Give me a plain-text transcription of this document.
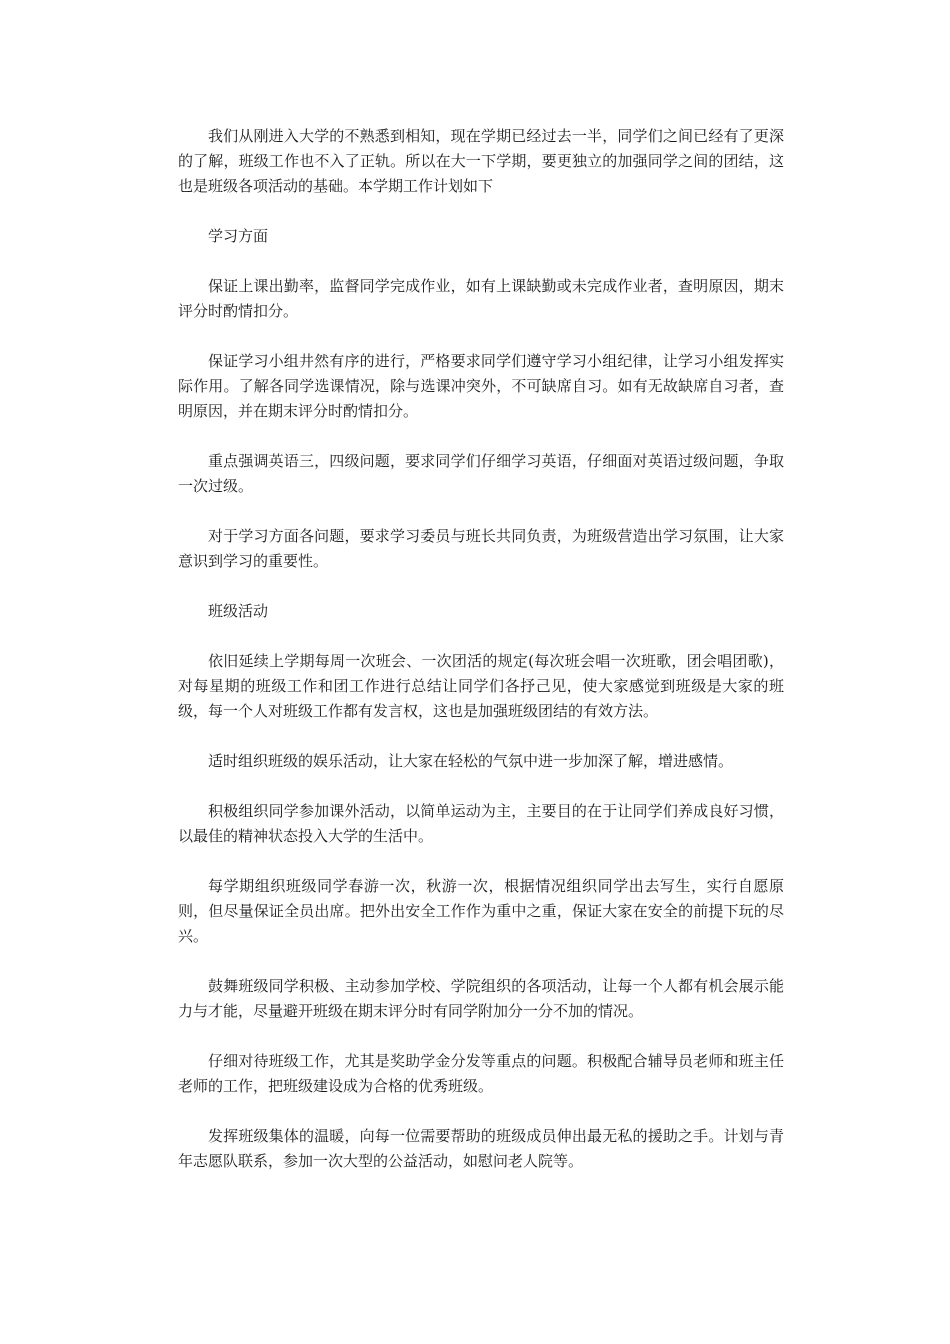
我们从刚进入大学的不熟悉到相知，现在学期已经过去一半，同学们之间已经有了更深的了解，班级工作也不入了正轨。所以在大一下学期，要更独立的加强同学之间的团结，这也是班级各项活动的基础。本学期工作计划如下

学习方面

保证上课出勤率，监督同学完成作业，如有上课缺勤或未完成作业者，查明原因，期末评分时酌情扣分。

保证学习小组井然有序的进行，严格要求同学们遵守学习小组纪律，让学习小组发挥实际作用。了解各同学选课情况，除与选课冲突外，不可缺席自习。如有无故缺席自习者，查明原因，并在期末评分时酌情扣分。

重点强调英语三，四级问题，要求同学们仔细学习英语，仔细面对英语过级问题，争取一次过级。

对于学习方面各问题，要求学习委员与班长共同负责，为班级营造出学习氛围，让大家意识到学习的重要性。

班级活动

依旧延续上学期每周一次班会、一次团活的规定(每次班会唱一次班歌，团会唱团歌)，对每星期的班级工作和团工作进行总结让同学们各抒己见，使大家感觉到班级是大家的班级，每一个人对班级工作都有发言权，这也是加强班级团结的有效方法。

适时组织班级的娱乐活动，让大家在轻松的气氛中进一步加深了解，增进感情。

积极组织同学参加课外活动，以简单运动为主，主要目的在于让同学们养成良好习惯，以最佳的精神状态投入大学的生活中。

每学期组织班级同学春游一次，秋游一次，根据情况组织同学出去写生，实行自愿原则，但尽量保证全员出席。把外出安全工作作为重中之重，保证大家在安全的前提下玩的尽兴。

鼓舞班级同学积极、主动参加学校、学院组织的各项活动，让每一个人都有机会展示能力与才能，尽量避开班级在期末评分时有同学附加分一分不加的情况。

仔细对待班级工作，尤其是奖助学金分发等重点的问题。积极配合辅导员老师和班主任老师的工作，把班级建设成为合格的优秀班级。

发挥班级集体的温暖，向每一位需要帮助的班级成员伸出最无私的援助之手。计划与青年志愿队联系，参加一次大型的公益活动，如慰问老人院等。
